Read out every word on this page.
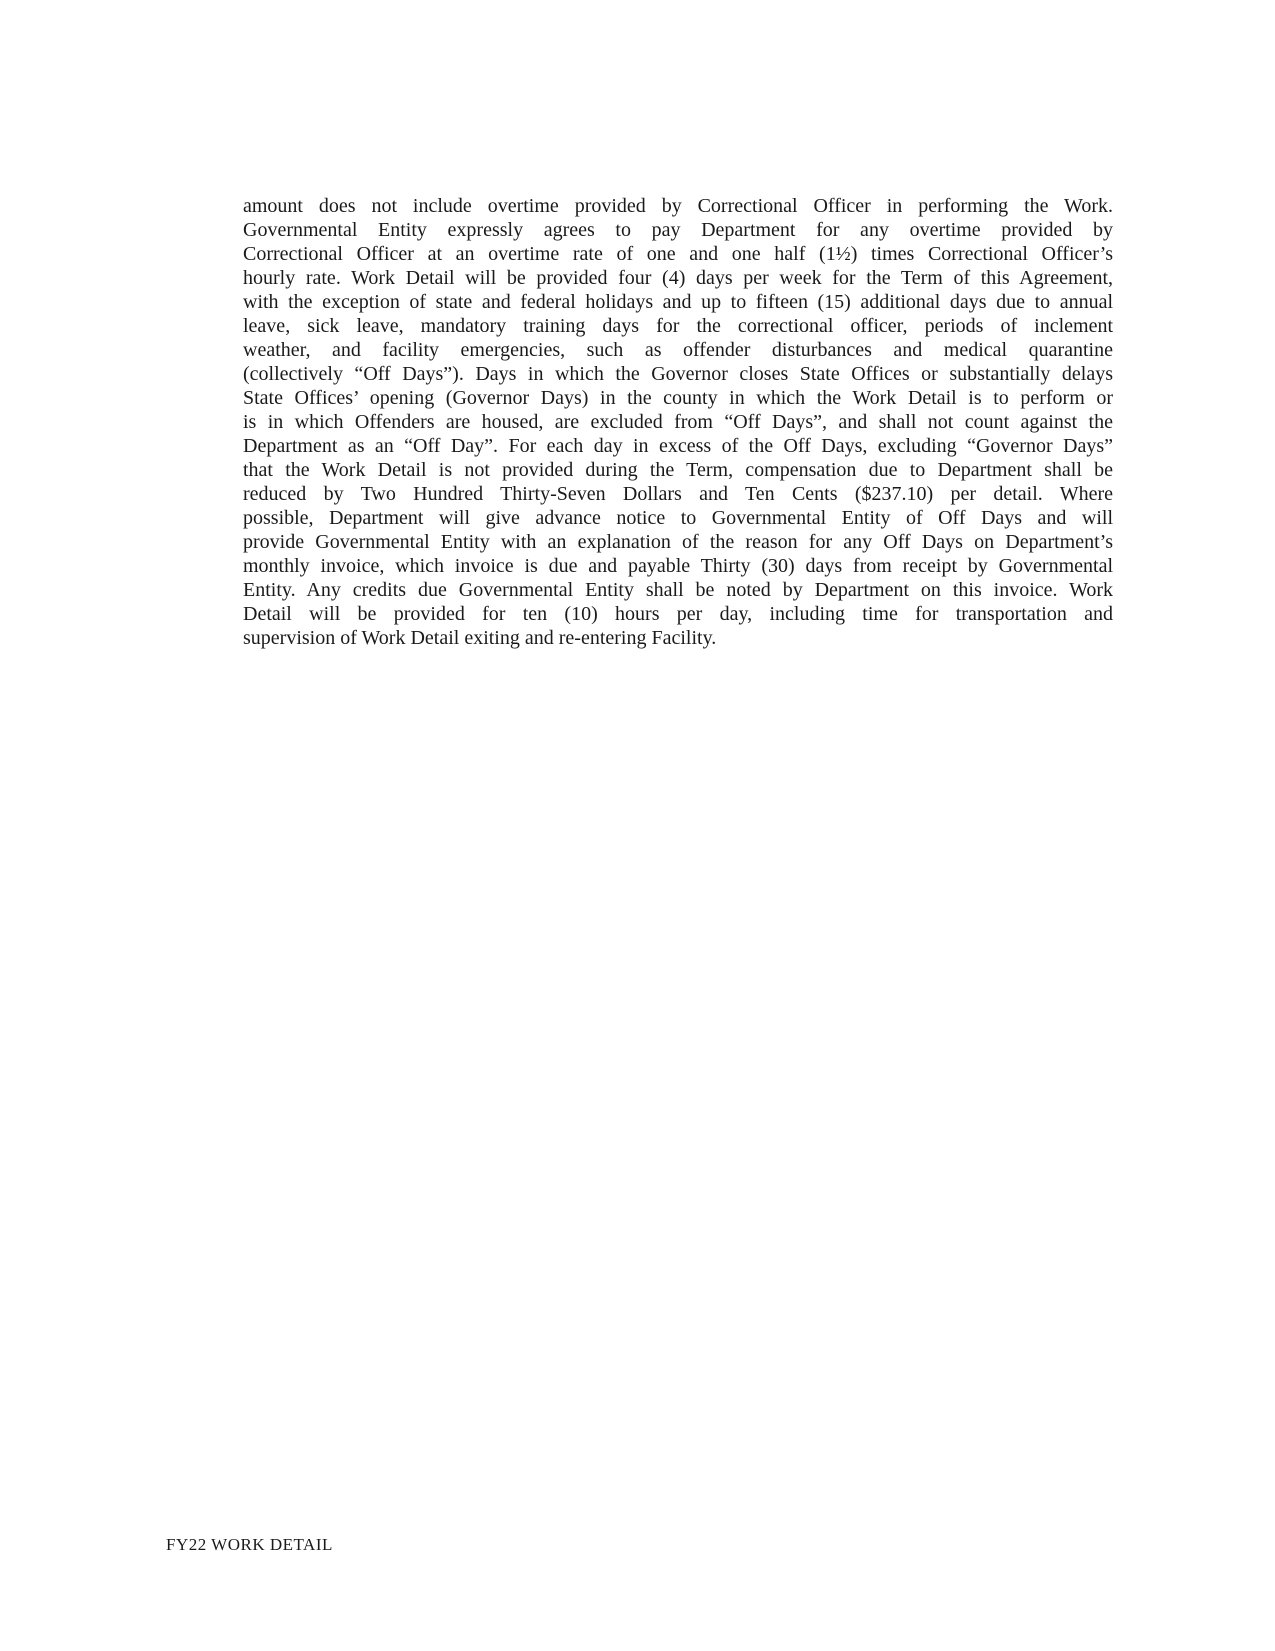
amount does not include overtime provided by Correctional Officer in performing the Work.
Governmental Entity expressly agrees to pay Department for any overtime provided by
Correctional Officer at an overtime rate of one and one half (1½) times Correctional Officer’s
hourly rate. Work Detail will be provided four (4) days per week for the Term of this Agreement,
with the exception of state and federal holidays and up to fifteen (15) additional days due to annual
leave, sick leave, mandatory training days for the correctional officer, periods of inclement
weather, and facility emergencies, such as offender disturbances and medical quarantine
(collectively “Off Days”). Days in which the Governor closes State Offices or substantially delays
State Offices’ opening (Governor Days) in the county in which the Work Detail is to perform or
is in which Offenders are housed, are excluded from “Off Days”, and shall not count against the
Department as an “Off Day”. For each day in excess of the Off Days, excluding “Governor Days”
that the Work Detail is not provided during the Term, compensation due to Department shall be
reduced by Two Hundred Thirty-Seven Dollars and Ten Cents ($237.10) per detail. Where
possible, Department will give advance notice to Governmental Entity of Off Days and will
provide Governmental Entity with an explanation of the reason for any Off Days on Department’s
monthly invoice, which invoice is due and payable Thirty (30) days from receipt by Governmental
Entity. Any credits due Governmental Entity shall be noted by Department on this invoice. Work
Detail will be provided for ten (10) hours per day, including time for transportation and
supervision of Work Detail exiting and re-entering Facility.
FY22 WORK DETAIL
